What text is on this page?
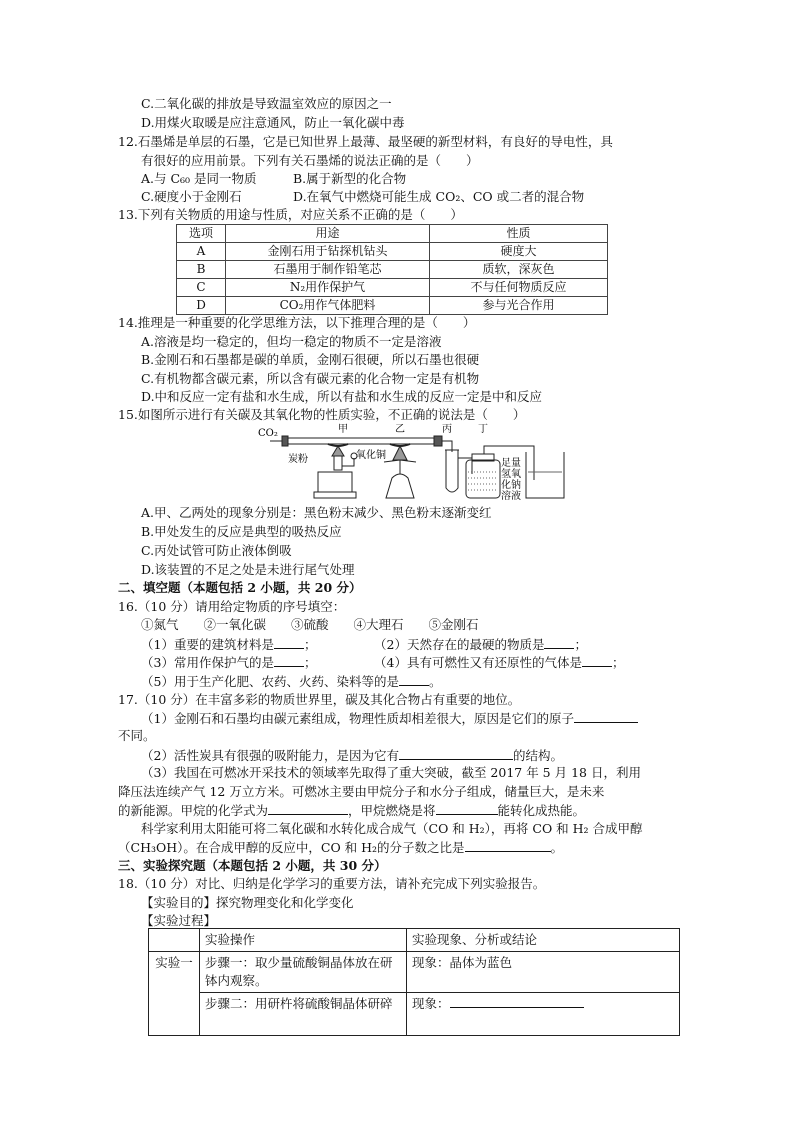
C.二氧化碳的排放是导致温室效应的原因之一
D.用煤火取暖是应注意通风，防止一氧化碳中毒
12.石墨烯是单层的石墨，它是已知世界上最薄、最坚硬的新型材料，有良好的导电性，具
有很好的应用前景。下列有关石墨烯的说法正确的是（　　）
A.与 C₆₀ 是同一物质	B.属于新型的化合物
C.硬度小于金刚石	D.在氧气中燃烧可能生成 CO₂、CO 或二者的混合物
13.下列有关物质的用途与性质，对应关系不正确的是（　　）
选项	用途	性质
A	金刚石用于钻探机钻头	硬度大
B	石墨用于制作铅笔芯	质软，深灰色
C	N₂用作保护气	不与任何物质反应
D	CO₂用作气体肥料	参与光合作用
14.推理是一种重要的化学思维方法，以下推理合理的是（　　）
A.溶液是均一稳定的，但均一稳定的物质不一定是溶液
B.金刚石和石墨都是碳的单质，金刚石很硬，所以石墨也很硬
C.有机物都含碳元素，所以含有碳元素的化合物一定是有机物
D.中和反应一定有盐和水生成，所以有盐和水生成的反应一定是中和反应
15.如图所示进行有关碳及其氧化物的性质实验，不正确的说法是（　　）
CO₂	甲	乙	丙	丁
炭粉	氧化铜
足量
氢氧
化钠
溶液
A.甲、乙两处的现象分别是：黑色粉末减少、黑色粉末逐渐变红
B.甲处发生的反应是典型的吸热反应
C.丙处试管可防止液体倒吸
D.该装置的不足之处是未进行尾气处理
二、填空题（本题包括 2 小题，共 20 分）
16.（10 分）请用给定物质的序号填空：
①氮气　　②一氧化碳　　③硫酸　　④大理石　　⑤金刚石
（1）重要的建筑材料是 ；	（2）天然存在的最硬的物质是 ；
（3）常用作保护气的是 ；	（4）具有可燃性又有还原性的气体是 ；
（5）用于生产化肥、农药、火药、染料等的是 。
17.（10 分）在丰富多彩的物质世界里，碳及其化合物占有重要的地位。
（1）金刚石和石墨均由碳元素组成，物理性质却相差很大，原因是它们的原子
不同。
（2）活性炭具有很强的吸附能力，是因为它有	的结构。
（3）我国在可燃冰开采技术的领域率先取得了重大突破，截至 2017 年 5 月 18 日，利用
降压法连续产气 12 万立方米。可燃冰主要由甲烷分子和水分子组成，储量巨大，是未来
的新能源。甲烷的化学式为	，甲烷燃烧是将	能转化成热能。
科学家利用太阳能可将二氧化碳和水转化成合成气（CO 和 H₂），再将 CO 和 H₂ 合成甲醇
（CH₃OH）。在合成甲醇的反应中，CO 和 H₂的分子数之比是	。
三、实验探究题（本题包括 2 小题，共 30 分）
18.（10 分）对比、归纳是化学学习的重要方法，请补充完成下列实验报告。
【实验目的】探究物理变化和化学变化
【实验过程】
	实验操作	实验现象、分析或结论
实验一	步骤一：取少量硫酸铜晶体放在研钵内观察。	现象：晶体为蓝色
	步骤二：用研杵将硫酸铜晶体研碎	现象：
